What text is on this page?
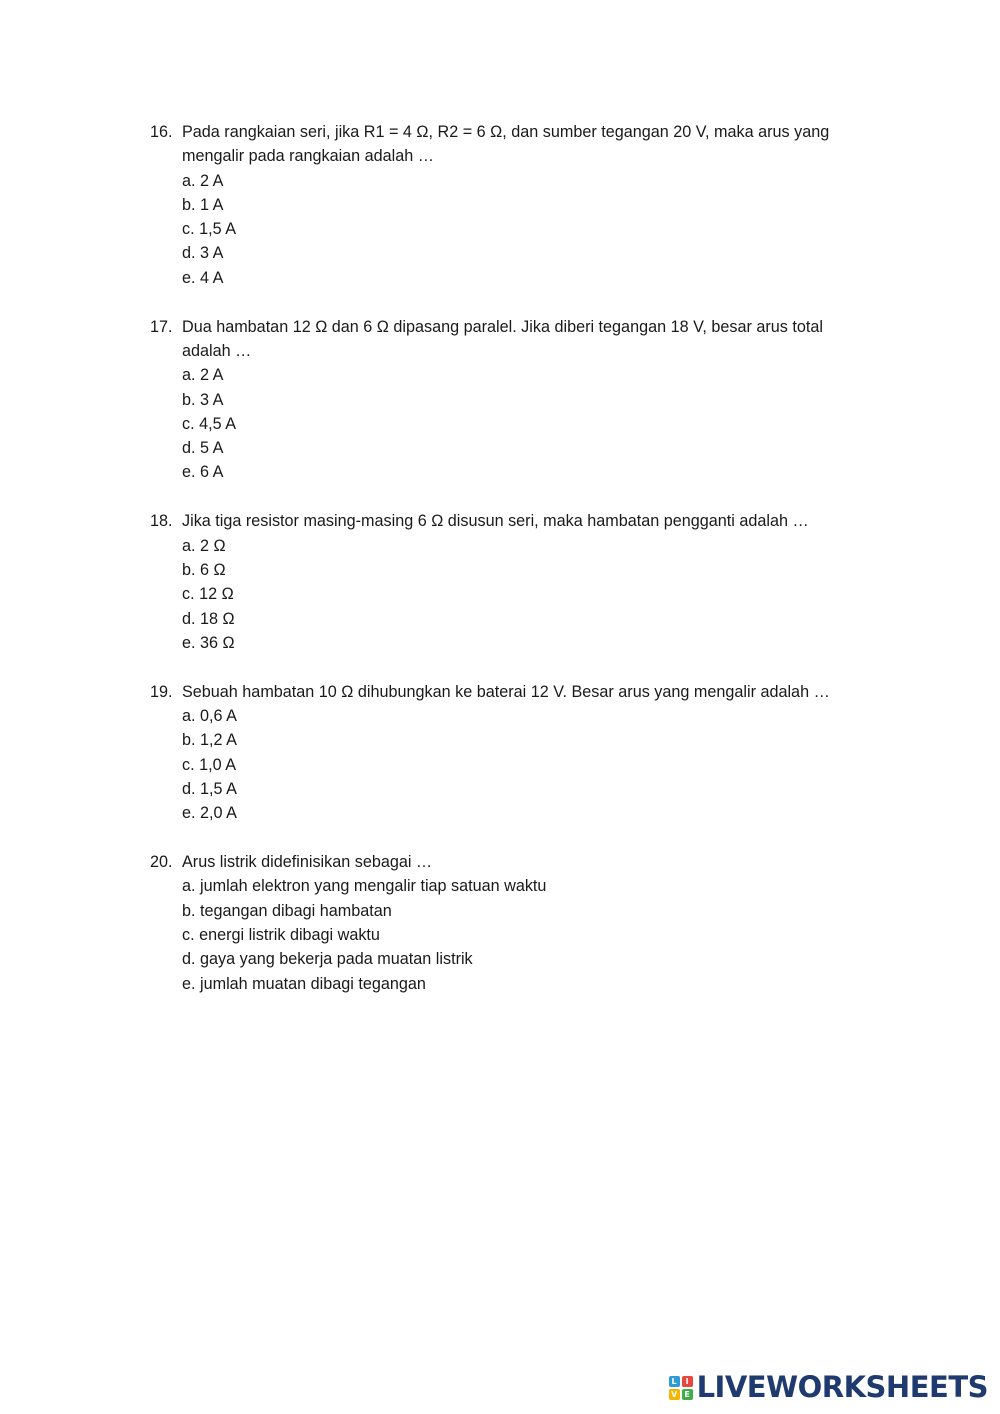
16. Pada rangkaian seri, jika R1 = 4 Ω, R2 = 6 Ω, dan sumber tegangan 20 V, maka arus yang mengalir pada rangkaian adalah …
a. 2 A
b. 1 A
c. 1,5 A
d. 3 A
e. 4 A
17. Dua hambatan 12 Ω dan 6 Ω dipasang paralel. Jika diberi tegangan 18 V, besar arus total adalah …
a. 2 A
b. 3 A
c. 4,5 A
d. 5 A
e. 6 A
18. Jika tiga resistor masing-masing 6 Ω disusun seri, maka hambatan pengganti adalah …
a. 2 Ω
b. 6 Ω
c. 12 Ω
d. 18 Ω
e. 36 Ω
19. Sebuah hambatan 10 Ω dihubungkan ke baterai 12 V. Besar arus yang mengalir adalah …
a. 0,6 A
b. 1,2 A
c. 1,0 A
d. 1,5 A
e. 2,0 A
20. Arus listrik didefinisikan sebagai …
a. jumlah elektron yang mengalir tiap satuan waktu
b. tegangan dibagi hambatan
c. energi listrik dibagi waktu
d. gaya yang bekerja pada muatan listrik
e. jumlah muatan dibagi tegangan
L	I
V E LIVEWORKSHEETS
